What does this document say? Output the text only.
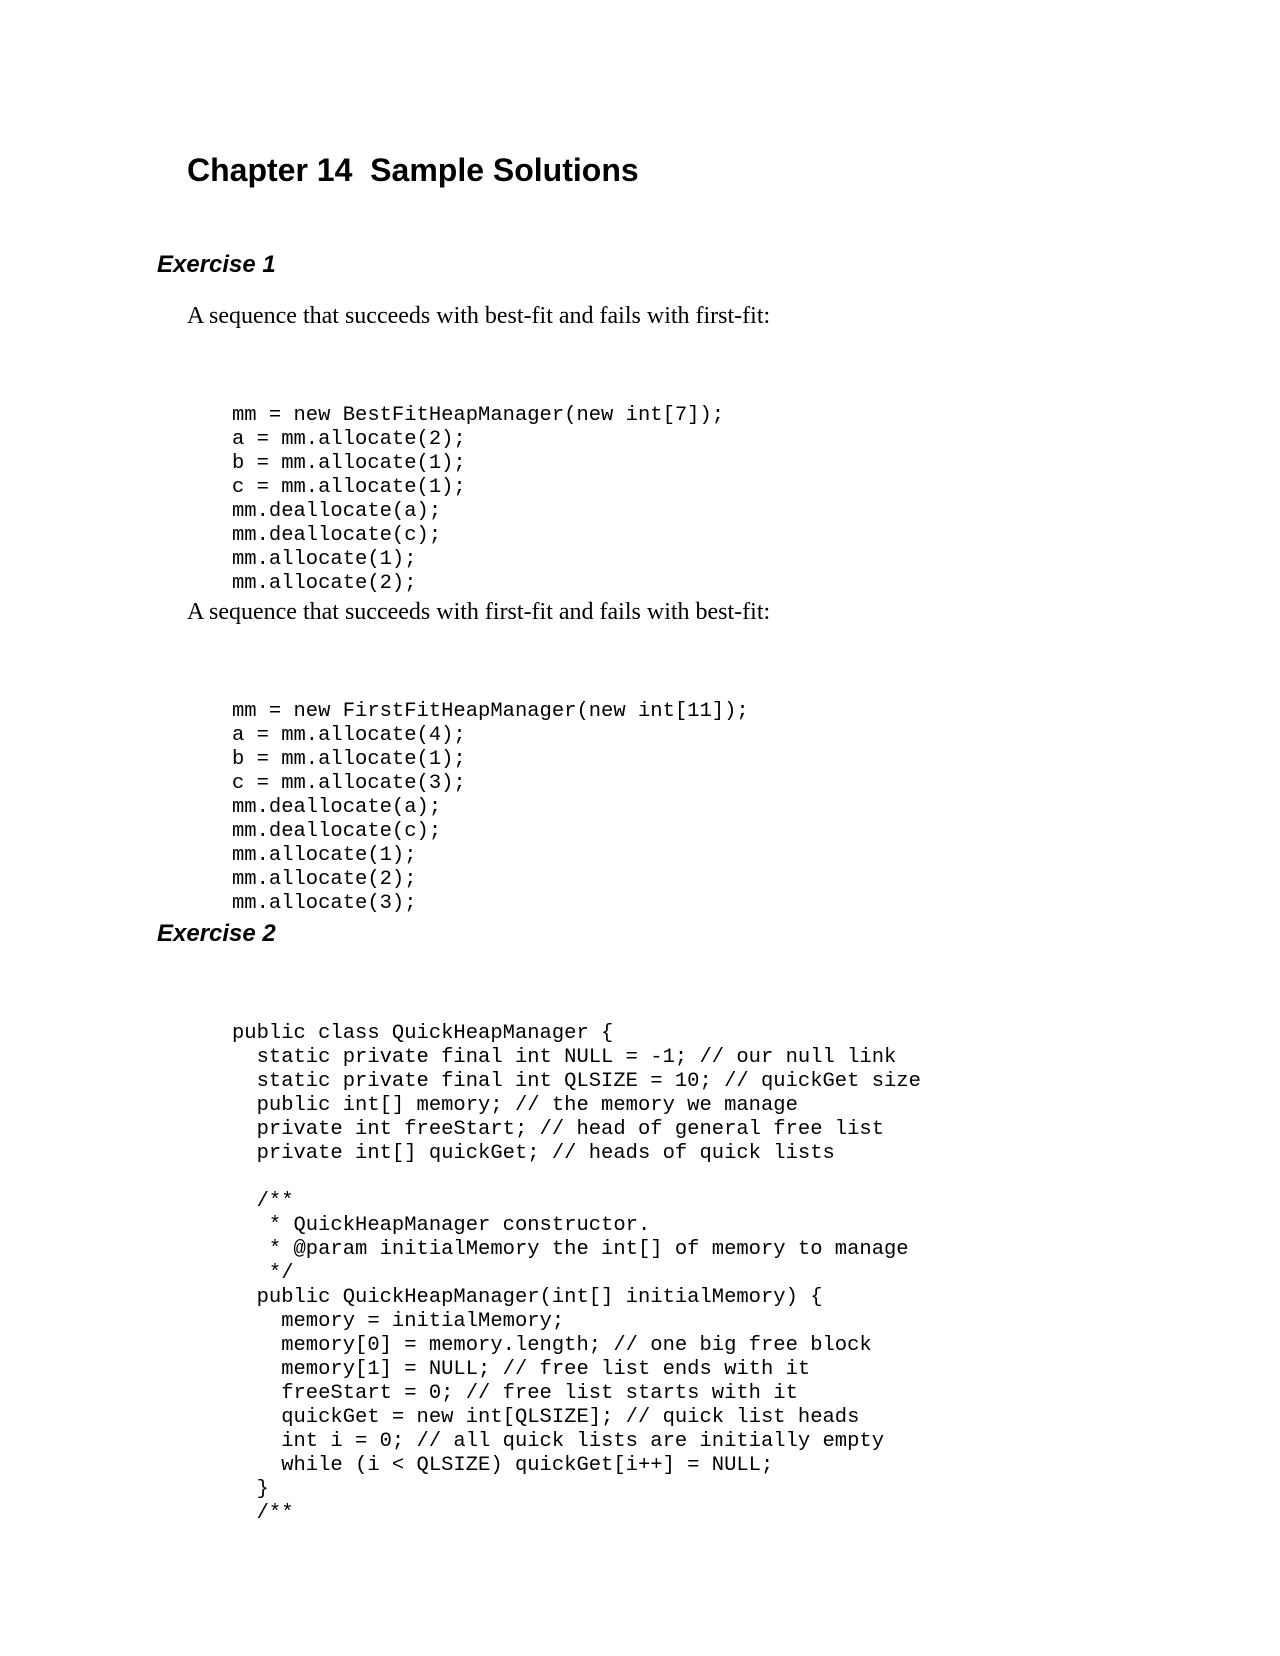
Chapter 14  Sample Solutions
Exercise 1

A sequence that succeeds with best-fit and fails with first-fit:

mm = new BestFitHeapManager(new int[7]);
a = mm.allocate(2);
b = mm.allocate(1);
c = mm.allocate(1);
mm.deallocate(a);
mm.deallocate(c);
mm.allocate(1);
mm.allocate(2);

A sequence that succeeds with first-fit and fails with best-fit:

mm = new FirstFitHeapManager(new int[11]);
a = mm.allocate(4);
b = mm.allocate(1);
c = mm.allocate(3);
mm.deallocate(a);
mm.deallocate(c);
mm.allocate(1);
mm.allocate(2);
mm.allocate(3);

Exercise 2

public class QuickHeapManager {
static private final int NULL = -1; // our null link
static private final int QLSIZE = 10; // quickGet size
public int[] memory; // the memory we manage
private int freeStart; // head of general free list
private int[] quickGet; // heads of quick lists
/**
* QuickHeapManager constructor.
* @param initialMemory the int[] of memory to manage
*/
public QuickHeapManager(int[] initialMemory) {
memory = initialMemory;
memory[0] = memory.length; // one big free block
memory[1] = NULL; // free list ends with it
freeStart = 0; // free list starts with it
quickGet = new int[QLSIZE]; // quick list heads
int i = 0; // all quick lists are initially empty
while (i < QLSIZE) quickGet[i++] = NULL;
}
/**
